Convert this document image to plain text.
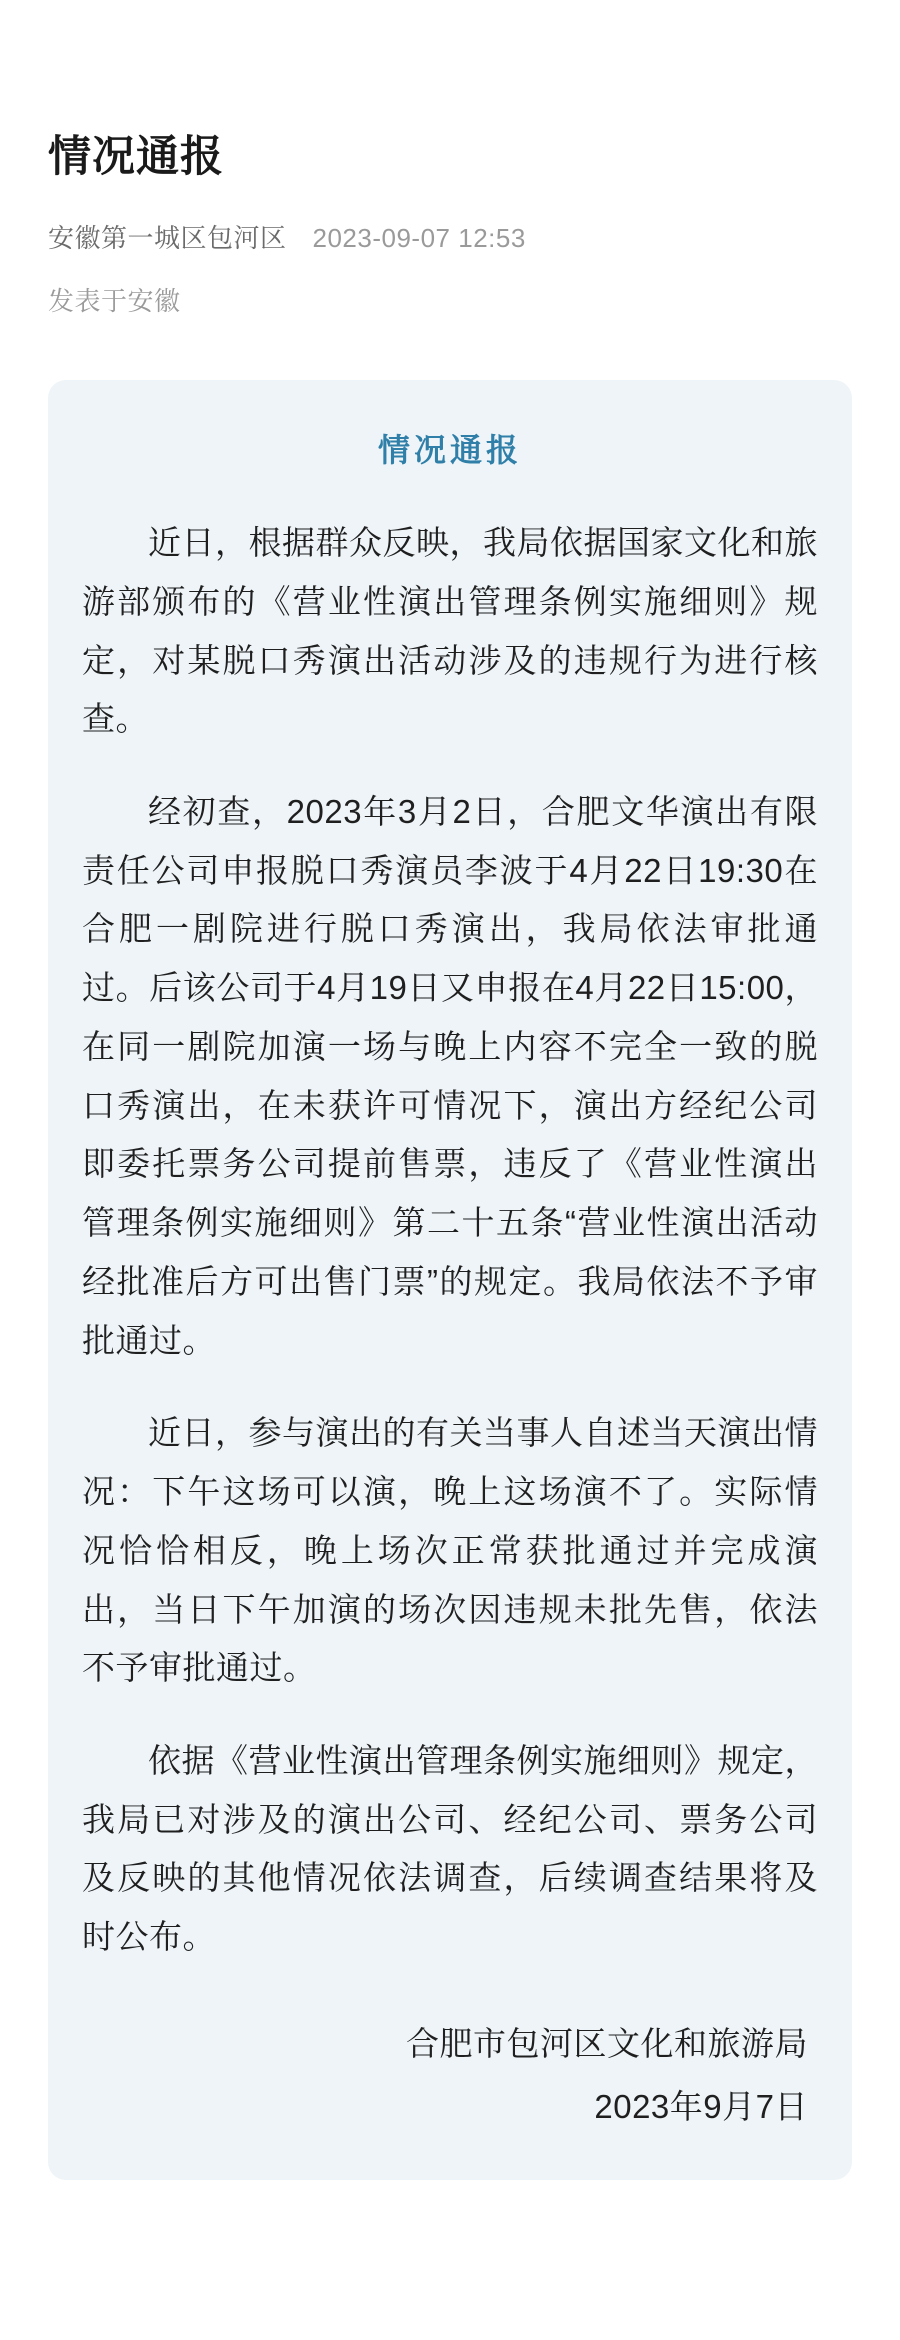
情况通报
安徽第一城区包河区 2023-09-07 12:53
发表于安徽
情况通报

近日，根据群众反映，我局依据国家文化和旅游部颁布的《营业性演出管理条例实施细则》规定，对某脱口秀演出活动涉及的违规行为进行核查。

经初查，2023年3月2日，合肥文华演出有限责任公司申报脱口秀演员李波于4月22日19:30在合肥一剧院进行脱口秀演出，我局依法审批通过。后该公司于4月19日又申报在4月22日15:00，在同一剧院加演一场与晚上内容不完全一致的脱口秀演出，在未获许可情况下，演出方经纪公司即委托票务公司提前售票，违反了《营业性演出管理条例实施细则》第二十五条“营业性演出活动经批准后方可出售门票”的规定。我局依法不予审批通过。

近日，参与演出的有关当事人自述当天演出情况：下午这场可以演，晚上这场演不了。实际情况恰恰相反，晚上场次正常获批通过并完成演出，当日下午加演的场次因违规未批先售，依法不予审批通过。

依据《营业性演出管理条例实施细则》规定，我局已对涉及的演出公司、经纪公司、票务公司及反映的其他情况依法调查，后续调查结果将及时公布。

合肥市包河区文化和旅游局
2023年9月7日
